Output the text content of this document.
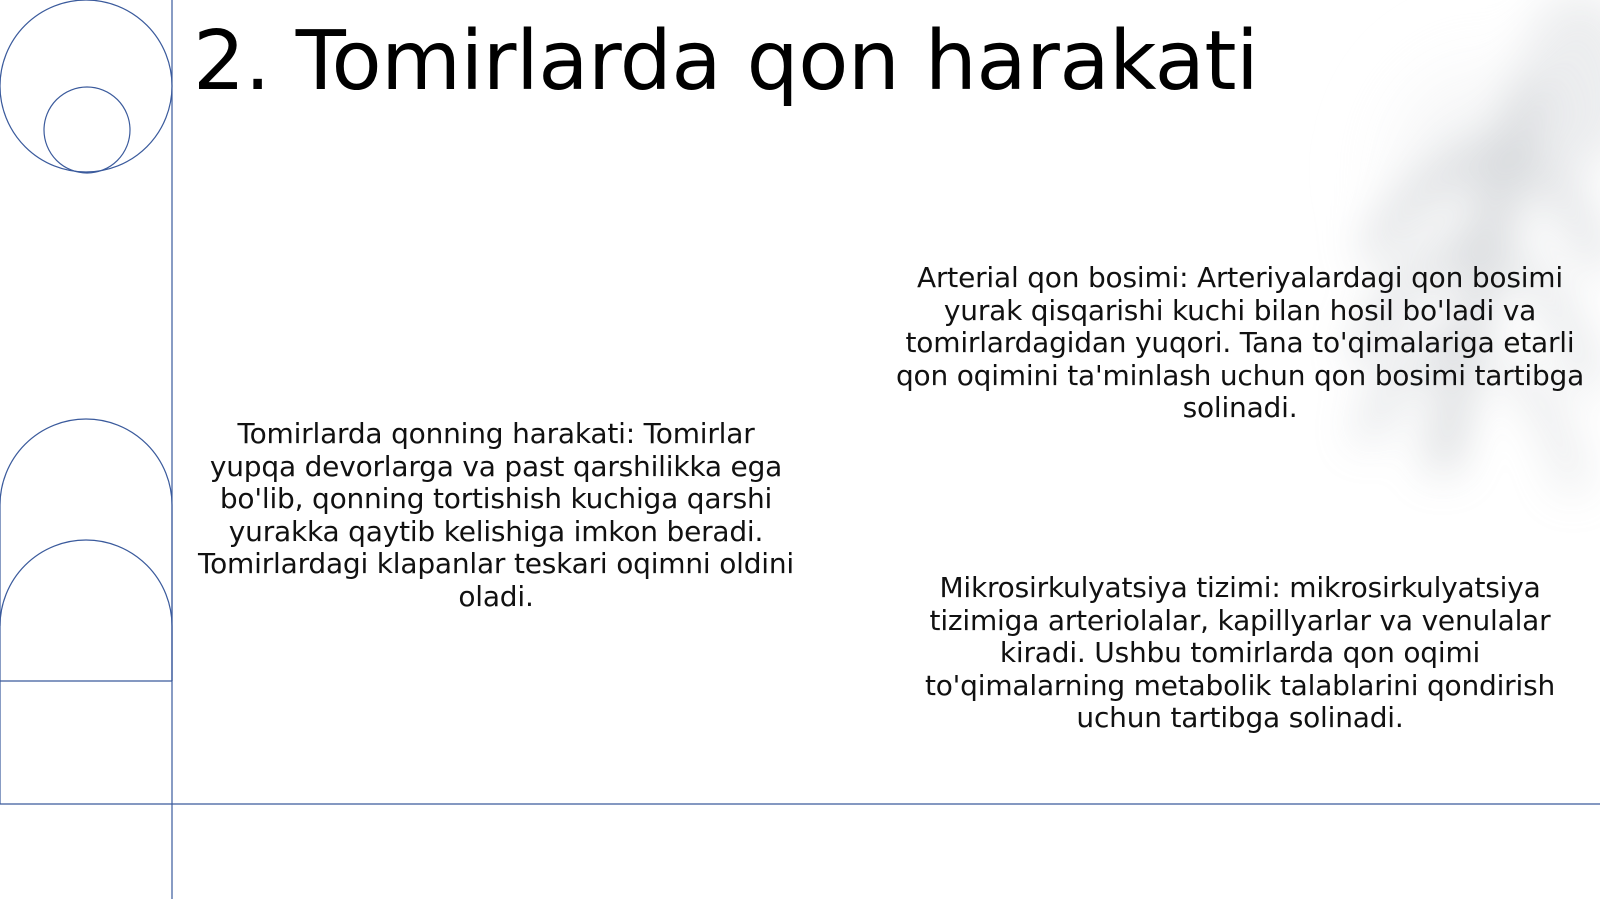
2. Tomirlarda qon harakati

Tomirlarda qonning harakati: Tomirlar yupqa devorlarga va past qarshilikka ega bo'lib, qonning tortishish kuchiga qarshi yurakka qaytib kelishiga imkon beradi. Tomirlardagi klapanlar teskari oqimni oldini oladi.

Arterial qon bosimi: Arteriyalardagi qon bosimi yurak qisqarishi kuchi bilan hosil bo'ladi va tomirlardagidan yuqori. Tana to'qimalariga etarli qon oqimini ta'minlash uchun qon bosimi tartibga solinadi.

Mikrosirkulyatsiya tizimi: mikrosirkulyatsiya tizimiga arteriolalar, kapillyarlar va venulalar kiradi. Ushbu tomirlarda qon oqimi to'qimalarning metabolik talablarini qondirish uchun tartibga solinadi.
